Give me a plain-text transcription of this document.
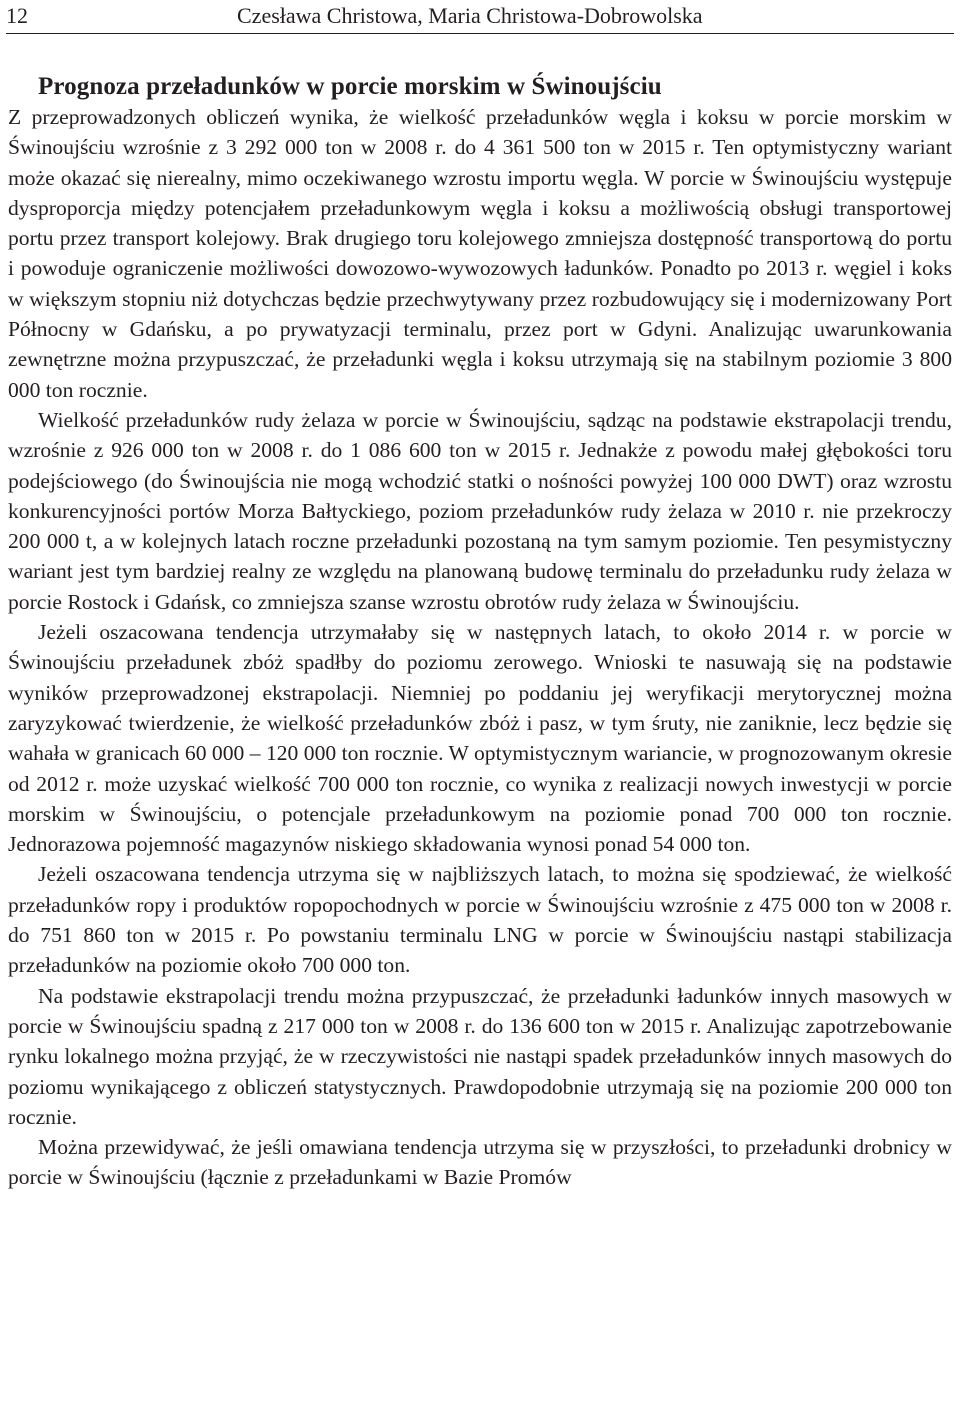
12	Czesława Christowa, Maria Christowa-Dobrowolska
Prognoza przeładunków w porcie morskim w Świnoujściu

Z przeprowadzonych obliczeń wynika, że wielkość przeładunków węgla i koksu w porcie morskim w Świnoujściu wzrośnie z 3 292 000 ton w 2008 r. do 4 361 500 ton w 2015 r. Ten optymistyczny wariant może okazać się nierealny, mimo oczekiwanego wzrostu importu węgla. W porcie w Świnoujściu występuje dysproporcja między potencjałem przeładunkowym węgla i koksu a możliwością obsługi transportowej portu przez transport kolejowy. Brak drugiego toru kolejowego zmniejsza dostępność transportową do portu i powoduje ograniczenie możliwości dowozowo-wywozowych ładunków. Ponadto po 2013 r. węgiel i koks w większym stopniu niż dotychczas będzie przechwytywany przez rozbudowujący się i modernizowany Port Północny w Gdańsku, a po prywatyzacji terminalu, przez port w Gdyni. Analizując uwarunkowania zewnętrzne można przypuszczać, że przeładunki węgla i koksu utrzymają się na stabilnym poziomie 3 800 000 ton rocznie.

Wielkość przeładunków rudy żelaza w porcie w Świnoujściu, sądząc na podstawie ekstrapolacji trendu, wzrośnie z 926 000 ton w 2008 r. do 1 086 600 ton w 2015 r. Jednakże z powodu małej głębokości toru podejściowego (do Świnoujścia nie mogą wchodzić statki o nośności powyżej 100 000 DWT) oraz wzrostu konkurencyjności portów Morza Bałtyckiego, poziom przeładunków rudy żelaza w 2010 r. nie przekroczy 200 000 t, a w kolejnych latach roczne przeładunki pozostaną na tym samym poziomie. Ten pesymistyczny wariant jest tym bardziej realny ze względu na planowaną budowę terminalu do przeładunku rudy żelaza w porcie Rostock i Gdańsk, co zmniejsza szanse wzrostu obrotów rudy żelaza w Świnoujściu.

Jeżeli oszacowana tendencja utrzymałaby się w następnych latach, to około 2014 r. w porcie w Świnoujściu przeładunek zbóż spadłby do poziomu zerowego. Wnioski te nasuwają się na podstawie wyników przeprowadzonej ekstrapolacji. Niemniej po poddaniu jej weryfikacji merytorycznej można zaryzykować twierdzenie, że wielkość przeładunków zbóż i pasz, w tym śruty, nie zaniknie, lecz będzie się wahała w granicach 60 000 – 120 000 ton rocznie. W optymistycznym wariancie, w prognozowanym okresie od 2012 r. może uzyskać wielkość 700 000 ton rocznie, co wynika z realizacji nowych inwestycji w porcie morskim w Świnoujściu, o potencjale przeładunkowym na poziomie ponad 700 000 ton rocznie. Jednorazowa pojemność magazynów niskiego składowania wynosi ponad 54 000 ton.

Jeżeli oszacowana tendencja utrzyma się w najbliższych latach, to można się spodziewać, że wielkość przeładunków ropy i produktów ropopochodnych w porcie w Świnoujściu wzrośnie z 475 000 ton w 2008 r. do 751 860 ton w 2015 r. Po powstaniu terminalu LNG w porcie w Świnoujściu nastąpi stabilizacja przeładunków na poziomie około 700 000 ton.

Na podstawie ekstrapolacji trendu można przypuszczać, że przeładunki ładunków innych masowych w porcie w Świnoujściu spadną z 217 000 ton w 2008 r. do 136 600 ton w 2015 r. Analizując zapotrzebowanie rynku lokalnego można przyjąć, że w rzeczywistości nie nastąpi spadek przeładunków innych masowych do poziomu wynikającego z obliczeń statystycznych. Prawdopodobnie utrzymają się na poziomie 200 000 ton rocznie.

Można przewidywać, że jeśli omawiana tendencja utrzyma się w przyszłości, to przeładunki drobnicy w porcie w Świnoujściu (łącznie z przeładunkami w Bazie Promów
